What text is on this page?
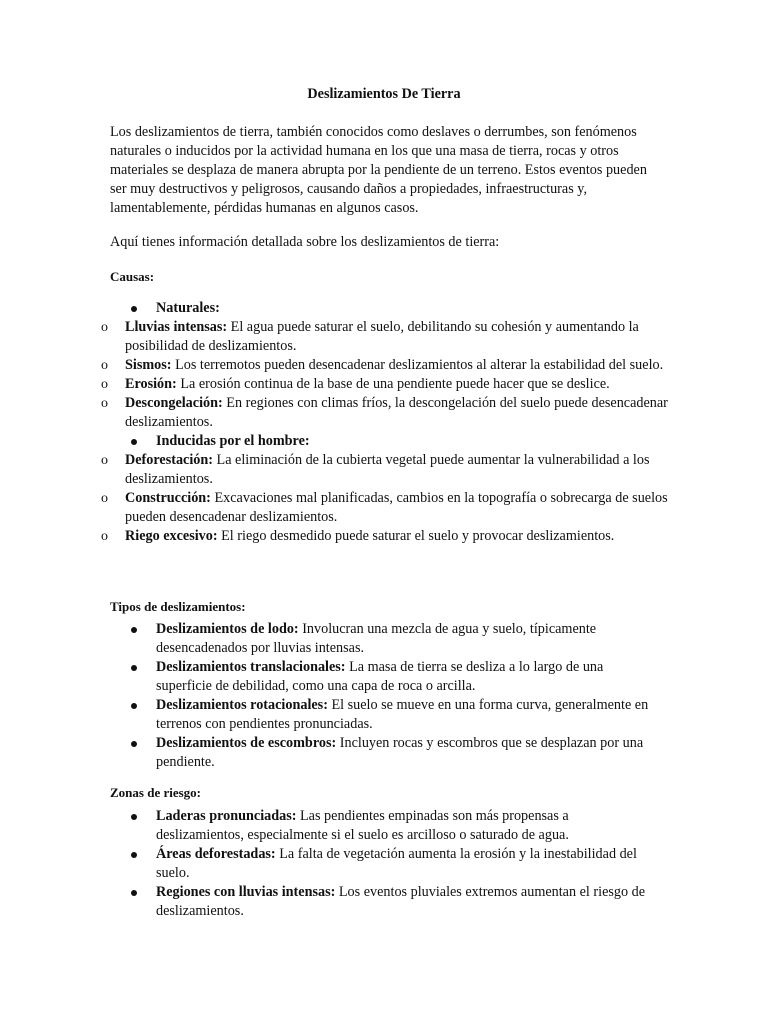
Deslizamientos De Tierra
Los deslizamientos de tierra, también conocidos como deslaves o derrumbes, son fenómenos naturales o inducidos por la actividad humana en los que una masa de tierra, rocas y otros materiales se desplaza de manera abrupta por la pendiente de un terreno. Estos eventos pueden ser muy destructivos y peligrosos, causando daños a propiedades, infraestructuras y, lamentablemente, pérdidas humanas en algunos casos.
Aquí tienes información detallada sobre los deslizamientos de tierra:
Causas:
Naturales:
o Lluvias intensas: El agua puede saturar el suelo, debilitando su cohesión y aumentando la posibilidad de deslizamientos.
o Sismos: Los terremotos pueden desencadenar deslizamientos al alterar la estabilidad del suelo.
o Erosión: La erosión continua de la base de una pendiente puede hacer que se deslice.
o Descongelación: En regiones con climas fríos, la descongelación del suelo puede desencadenar deslizamientos.
Inducidas por el hombre:
o Deforestación: La eliminación de la cubierta vegetal puede aumentar la vulnerabilidad a los deslizamientos.
o Construcción: Excavaciones mal planificadas, cambios en la topografía o sobrecarga de suelos pueden desencadenar deslizamientos.
o Riego excesivo: El riego desmedido puede saturar el suelo y provocar deslizamientos.
Tipos de deslizamientos:
Deslizamientos de lodo: Involucran una mezcla de agua y suelo, típicamente desencadenados por lluvias intensas.
Deslizamientos translacionales: La masa de tierra se desliza a lo largo de una superficie de debilidad, como una capa de roca o arcilla.
Deslizamientos rotacionales: El suelo se mueve en una forma curva, generalmente en terrenos con pendientes pronunciadas.
Deslizamientos de escombros: Incluyen rocas y escombros que se desplazan por una pendiente.
Zonas de riesgo:
Laderas pronunciadas: Las pendientes empinadas son más propensas a deslizamientos, especialmente si el suelo es arcilloso o saturado de agua.
Áreas deforestadas: La falta de vegetación aumenta la erosión y la inestabilidad del suelo.
Regiones con lluvias intensas: Los eventos pluviales extremos aumentan el riesgo de deslizamientos.
